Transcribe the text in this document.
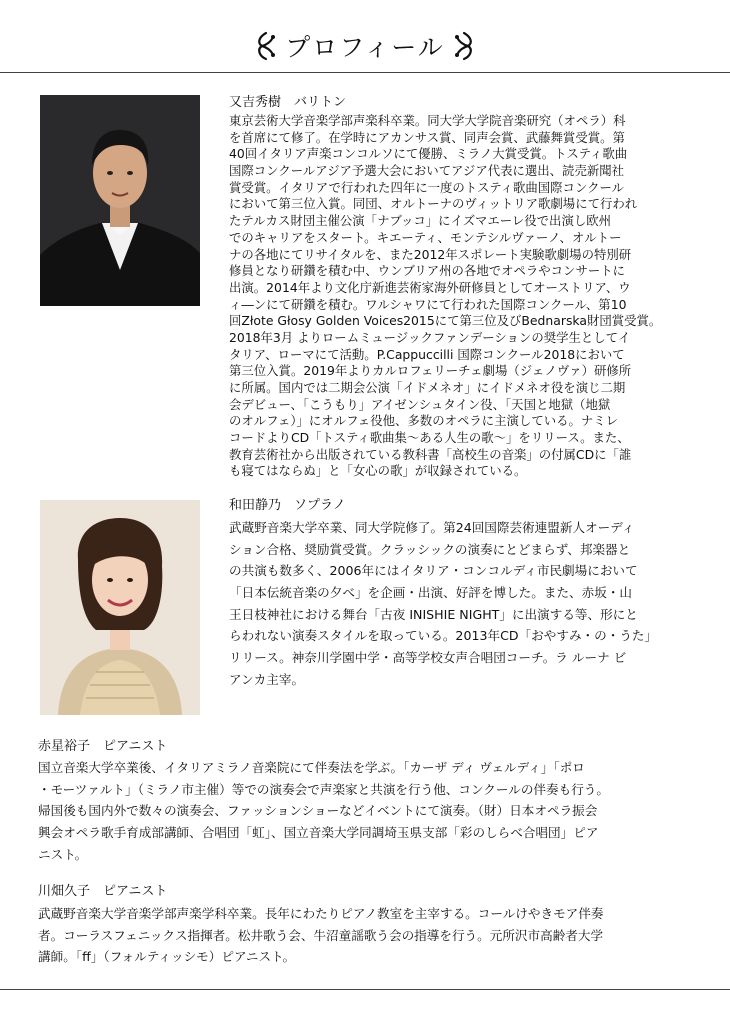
プロフィール
又吉秀樹　バリトン
東京芸術大学音楽学部声楽科卒業。同大学大学院音楽研究（オペラ）科
を首席にて修了。在学時にアカンサス賞、同声会賞、武藤舞賞受賞。第
40回イタリア声楽コンコルソにて優勝、ミラノ大賞受賞。トスティ歌曲
国際コンクールアジア予選大会においてアジア代表に選出、読売新聞社
賞受賞。イタリアで行われた四年に一度のトスティ歌曲国際コンクール
において第三位入賞。同団、オルトーナのヴィットリア歌劇場にて行われ
たテルカス財団主催公演「ナブッコ」にイズマエーレ役で出演し欧州
でのキャリアをスタート。キエーティ、モンテシルヴァーノ、オルトー
ナの各地にてリサイタルを、また2012年スポレート実験歌劇場の特別研
修員となり研鑽を積む中、ウンブリア州の各地でオペラやコンサートに
出演。2014年より文化庁新進芸術家海外研修員としてオーストリア、ウ
ィ―ンにて研鑽を積む。ワルシャワにて行われた国際コンクール、第10
回Złote Głosy Golden Voices2015にて第三位及びBednarska財団賞受賞。
2018年3月 よりロームミュージックファンデーションの奨学生としてイ
タリア、ローマにて活動。P.Cappuccilli 国際コンクール2018において
第三位入賞。2019年よりカルロフェリーチェ劇場（ジェノヴァ）研修所
に所属。国内では二期会公演「イドメネオ」にイドメネオ役を演じ二期
会デビュー、「こうもり」アイゼンシュタイン役、「天国と地獄（地獄
のオルフェ）」にオルフェ役他、多数のオペラに主演している。ナミレ
コードよりCD「トスティ歌曲集～ある人生の歌～」をリリース。また、
教育芸術社から出版されている教科書「高校生の音楽」の付属CDに「誰
も寝てはならぬ」と「女心の歌」が収録されている。
和田静乃　ソプラノ
武蔵野音楽大学卒業、同大学院修了。第24回国際芸術連盟新人オーディ
ション合格、奨励賞受賞。クラッシックの演奏にとどまらず、邦楽器と
の共演も数多く、2006年にはイタリア・コンコルディ市民劇場において
「日本伝統音楽の夕べ」を企画・出演、好評を博した。また、赤坂・山
王日枝神社における舞台「古夜 INISHIE NIGHT」に出演する等、形にと
らわれない演奏スタイルを取っている。2013年CD「おやすみ・の・うた」
リリース。神奈川学園中学・高等学校女声合唱団コーチ。ラ ルーナ ビ
アンカ主宰。
赤星裕子　ピアニスト
国立音楽大学卒業後、イタリアミラノ音楽院にて伴奏法を学ぶ。「カーザ ディ ヴェルディ」「ポロ
・モーツァルト」（ミラノ市主催）等での演奏会で声楽家と共演を行う他、コンクールの伴奏も行う。
帰国後も国内外で数々の演奏会、ファッションショーなどイベントにて演奏。（財）日本オペラ振会
興会オペラ歌手育成部講師、合唱団「虹」、国立音楽大学同調埼玉県支部「彩のしらべ合唱団」ピア
ニスト。
川畑久子　ピアニスト
武蔵野音楽大学音楽学部声楽学科卒業。長年にわたりピアノ教室を主宰する。コールけやきモア伴奏
者。コーラスフェニックス指揮者。松井歌う会、牛沼童謡歌う会の指導を行う。元所沢市高齢者大学
講師。「ff」（フォルティッシモ）ピアニスト。
